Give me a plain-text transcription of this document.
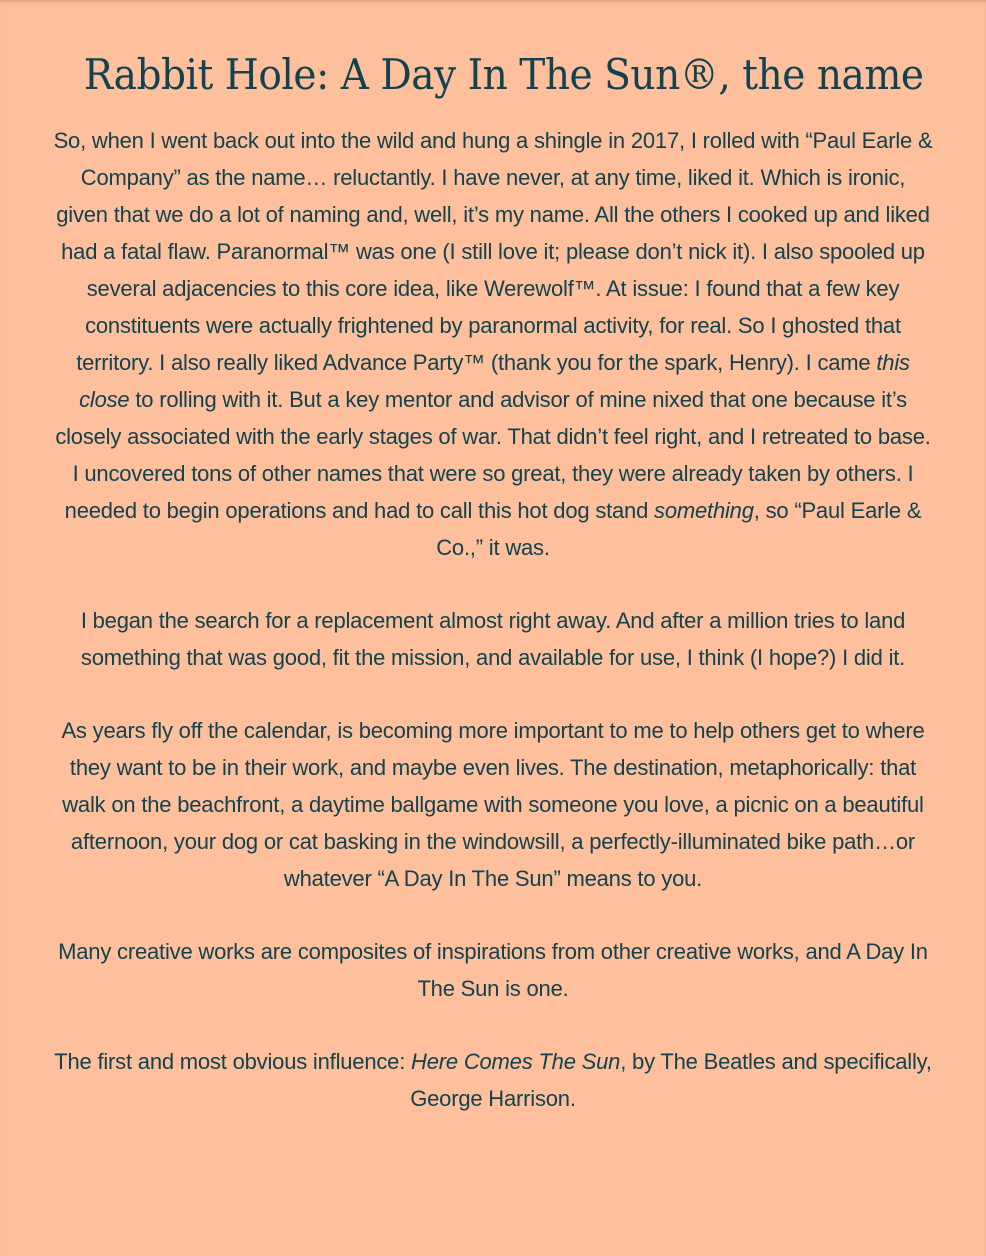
Rabbit Hole: A Day In The Sun®, the name

So, when I went back out into the wild and hung a shingle in 2017, I rolled with “Paul Earle & Company” as the name… reluctantly. I have never, at any time, liked it. Which is ironic, given that we do a lot of naming and, well, it’s my name. All the others I cooked up and liked had a fatal flaw. Paranormal™ was one (I still love it; please don’t nick it). I also spooled up several adjacencies to this core idea, like Werewolf™. At issue: I found that a few key constituents were actually frightened by paranormal activity, for real. So I ghosted that territory. I also really liked Advance Party™ (thank you for the spark, Henry). I came this close to rolling with it. But a key mentor and advisor of mine nixed that one because it’s closely associated with the early stages of war. That didn’t feel right, and I retreated to base. I uncovered tons of other names that were so great, they were already taken by others. I needed to begin operations and had to call this hot dog stand something, so “Paul Earle & Co.,” it was.

I began the search for a replacement almost right away. And after a million tries to land something that was good, fit the mission, and available for use, I think (I hope?) I did it.

As years fly off the calendar, is becoming more important to me to help others get to where they want to be in their work, and maybe even lives. The destination, metaphorically: that walk on the beachfront, a daytime ballgame with someone you love, a picnic on a beautiful afternoon, your dog or cat basking in the windowsill, a perfectly-illuminated bike path…or whatever “A Day In The Sun” means to you.

Many creative works are composites of inspirations from other creative works, and A Day In The Sun is one.

The first and most obvious influence: Here Comes The Sun, by The Beatles and specifically, George Harrison.
